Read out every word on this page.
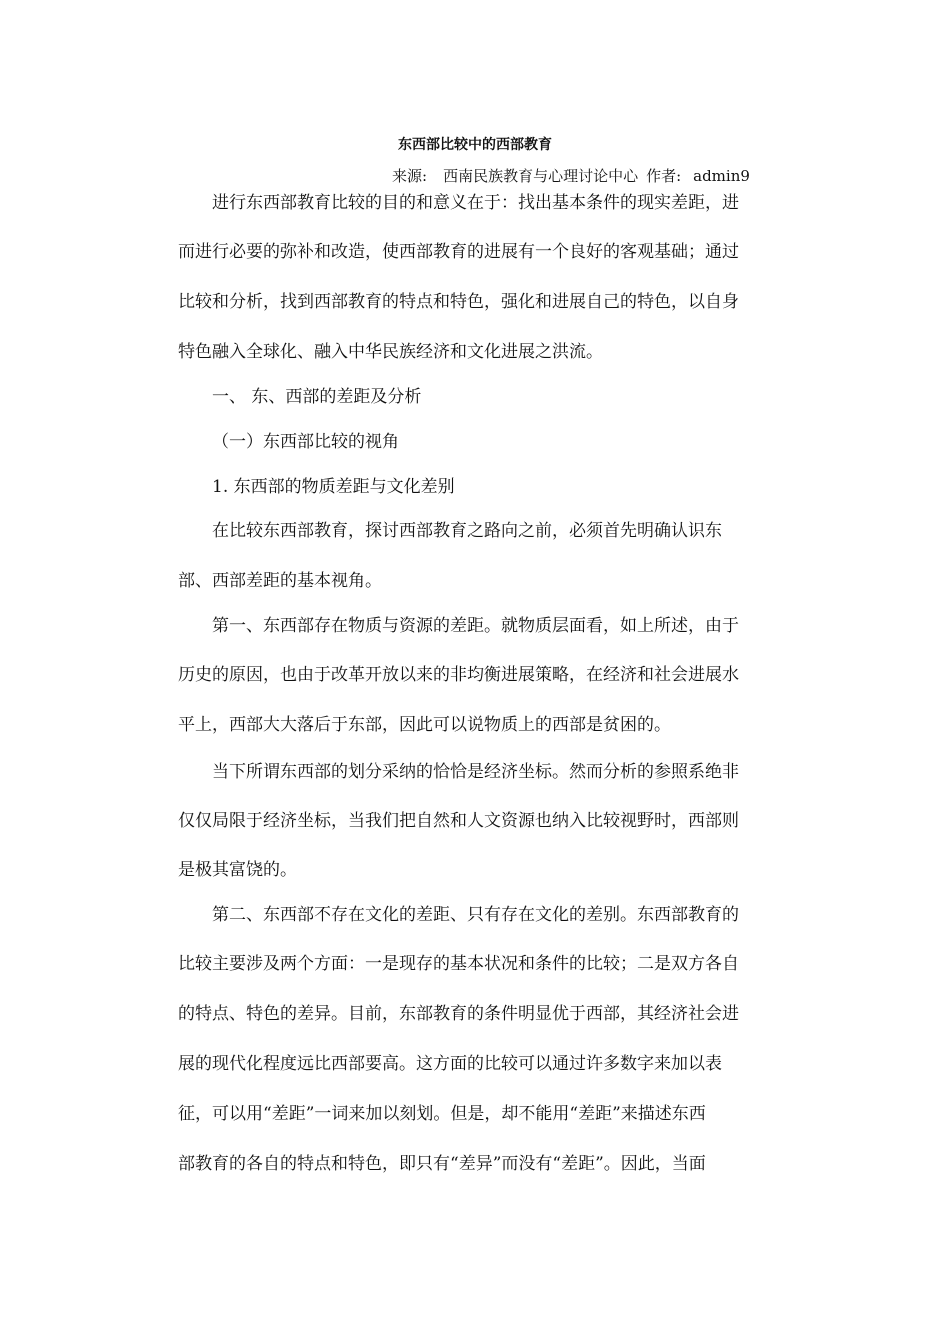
东西部比较中的西部教育
来源: 西南民族教育与心理讨论中心 作者: admin9
进行东西部教育比较的目的和意义在于：找出基本条件的现实差距，进
而进行必要的弥补和改造，使西部教育的进展有一个良好的客观基础；通过
比较和分析，找到西部教育的特点和特色，强化和进展自己的特色，以自身
特色融入全球化、融入中华民族经济和文化进展之洪流。
一、 东、西部的差距及分析
（一）东西部比较的视角
1. 东西部的物质差距与文化差别
在比较东西部教育，探讨西部教育之路向之前，必须首先明确认识东
部、西部差距的基本视角。
第一、东西部存在物质与资源的差距。就物质层面看，如上所述，由于
历史的原因，也由于改革开放以来的非均衡进展策略，在经济和社会进展水
平上，西部大大落后于东部，因此可以说物质上的西部是贫困的。
当下所谓东西部的划分采纳的恰恰是经济坐标。然而分析的参照系绝非
仅仅局限于经济坐标，当我们把自然和人文资源也纳入比较视野时，西部则
是极其富饶的。
第二、东西部不存在文化的差距、只有存在文化的差别。东西部教育的
比较主要涉及两个方面：一是现存的基本状况和条件的比较；二是双方各自
的特点、特色的差异。目前，东部教育的条件明显优于西部，其经济社会进
展的现代化程度远比西部要高。这方面的比较可以通过许多数字来加以表
征，可以用“差距”一词来加以刻划。但是，却不能用“差距”来描述东西
部教育的各自的特点和特色，即只有“差异”而没有“差距”。因此，当面
